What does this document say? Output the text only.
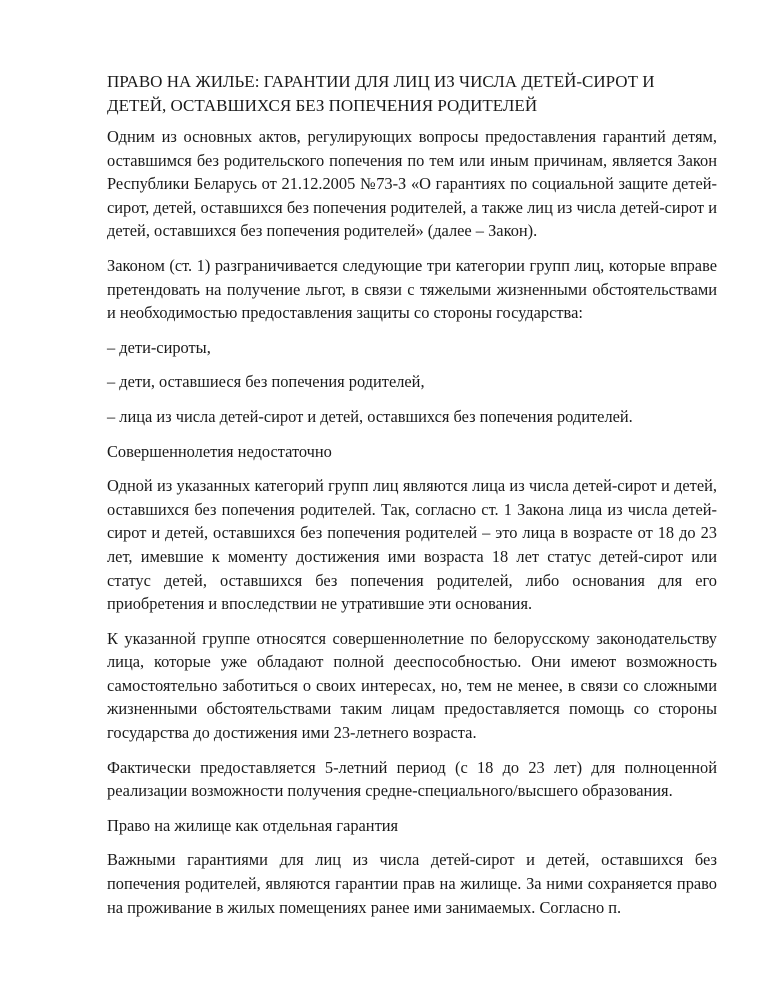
ПРАВО НА ЖИЛЬЕ: ГАРАНТИИ ДЛЯ ЛИЦ ИЗ ЧИСЛА ДЕТЕЙ-СИРОТ И ДЕТЕЙ, ОСТАВШИХСЯ БЕЗ ПОПЕЧЕНИЯ РОДИТЕЛЕЙ

Одним из основных актов, регулирующих вопросы предоставления гарантий детям, оставшимся без родительского попечения по тем или иным причинам, является Закон Республики Беларусь от 21.12.2005 №73-З «О гарантиях по социальной защите детей-сирот, детей, оставшихся без попечения родителей, а также лиц из числа детей-сирот и детей, оставшихся без попечения родителей» (далее – Закон).

Законом (ст. 1) разграничивается следующие три категории групп лиц, которые вправе претендовать на получение льгот, в связи с тяжелыми жизненными обстоятельствами и необходимостью предоставления защиты со стороны государства:

– дети-сироты,

– дети, оставшиеся без попечения родителей,

– лица из числа детей-сирот и детей, оставшихся без попечения родителей.

Совершеннолетия недостаточно

Одной из указанных категорий групп лиц являются лица из числа детей-сирот и детей, оставшихся без попечения родителей. Так, согласно ст. 1 Закона лица из числа детей-сирот и детей, оставшихся без попечения родителей – это лица в возрасте от 18 до 23 лет, имевшие к моменту достижения ими возраста 18 лет статус детей-сирот или статус детей, оставшихся без попечения родителей, либо основания для его приобретения и впоследствии не утратившие эти основания.

К указанной группе относятся совершеннолетние по белорусскому законодательству лица, которые уже обладают полной дееспособностью. Они имеют возможность самостоятельно заботиться о своих интересах, но, тем не менее, в связи со сложными жизненными обстоятельствами таким лицам предоставляется помощь со стороны государства до достижения ими 23-летнего возраста.

Фактически предоставляется 5-летний период (с 18 до 23 лет) для полноценной реализации возможности получения средне-специального/высшего образования.

Право на жилище как отдельная гарантия

Важными гарантиями для лиц из числа детей-сирот и детей, оставшихся без попечения родителей, являются гарантии прав на жилище. За ними сохраняется право на проживание в жилых помещениях ранее ими занимаемых. Согласно п.
